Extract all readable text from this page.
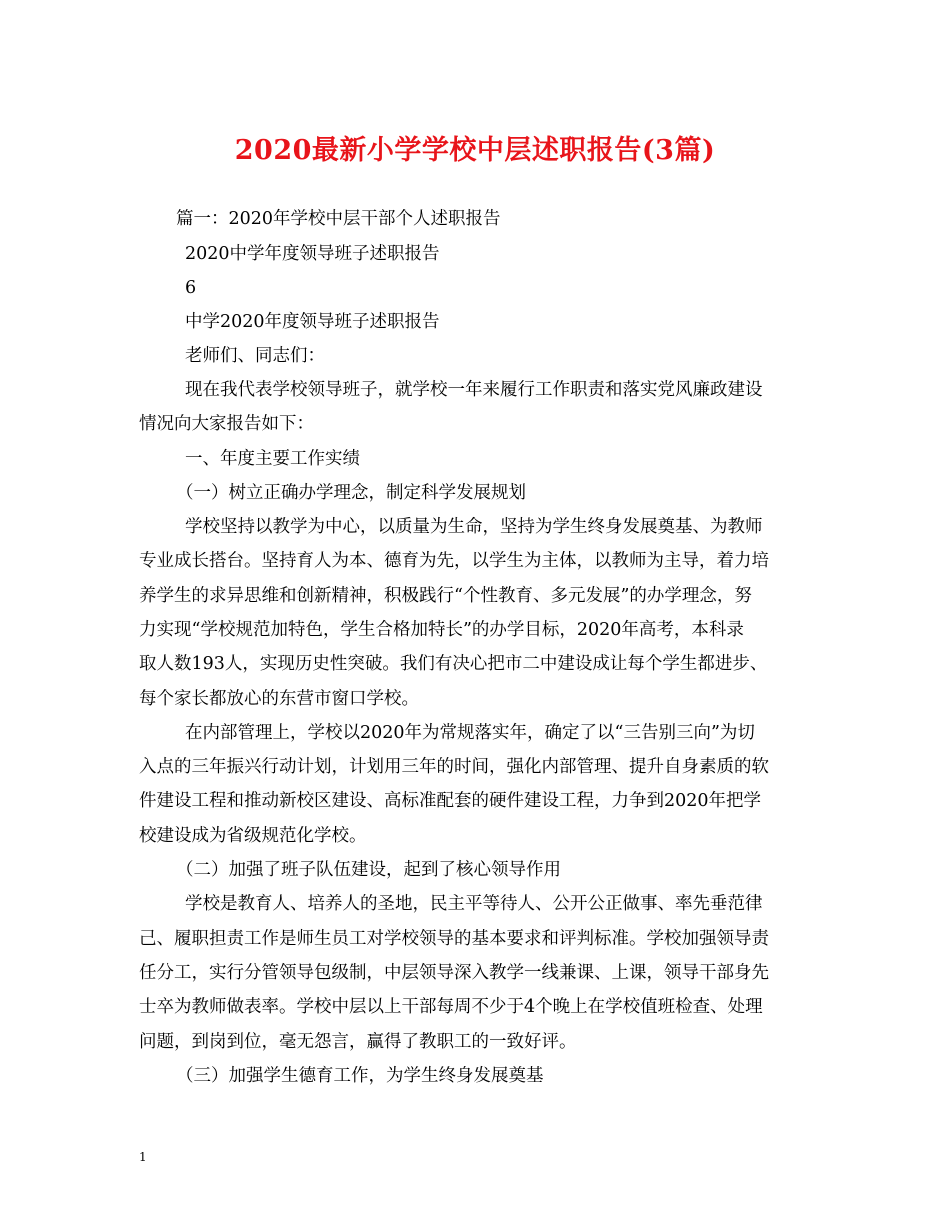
2020最新小学学校中层述职报告(3篇)
篇一：2020年学校中层干部个人述职报告
2020中学年度领导班子述职报告
6
中学2020年度领导班子述职报告
老师们、同志们：
现在我代表学校领导班子，就学校一年来履行工作职责和落实党风廉政建设
情况向大家报告如下：
一、年度主要工作实绩
（一）树立正确办学理念，制定科学发展规划
学校坚持以教学为中心，以质量为生命，坚持为学生终身发展奠基、为教师
专业成长搭台。坚持育人为本、德育为先，以学生为主体，以教师为主导，着力培
养学生的求异思维和创新精神，积极践行“个性教育、多元发展”的办学理念，努
力实现“学校规范加特色，学生合格加特长”的办学目标，2020年高考，本科录
取人数193人，实现历史性突破。我们有决心把市二中建设成让每个学生都进步、
每个家长都放心的东营市窗口学校。
在内部管理上，学校以2020年为常规落实年，确定了以“三告别三向”为切
入点的三年振兴行动计划，计划用三年的时间，强化内部管理、提升自身素质的软
件建设工程和推动新校区建设、高标准配套的硬件建设工程，力争到2020年把学
校建设成为省级规范化学校。
（二）加强了班子队伍建设，起到了核心领导作用
学校是教育人、培养人的圣地，民主平等待人、公开公正做事、率先垂范律
己、履职担责工作是师生员工对学校领导的基本要求和评判标准。学校加强领导责
任分工，实行分管领导包级制，中层领导深入教学一线兼课、上课，领导干部身先
士卒为教师做表率。学校中层以上干部每周不少于4个晚上在学校值班检查、处理
问题，到岗到位，毫无怨言，赢得了教职工的一致好评。
（三）加强学生德育工作，为学生终身发展奠基
1
